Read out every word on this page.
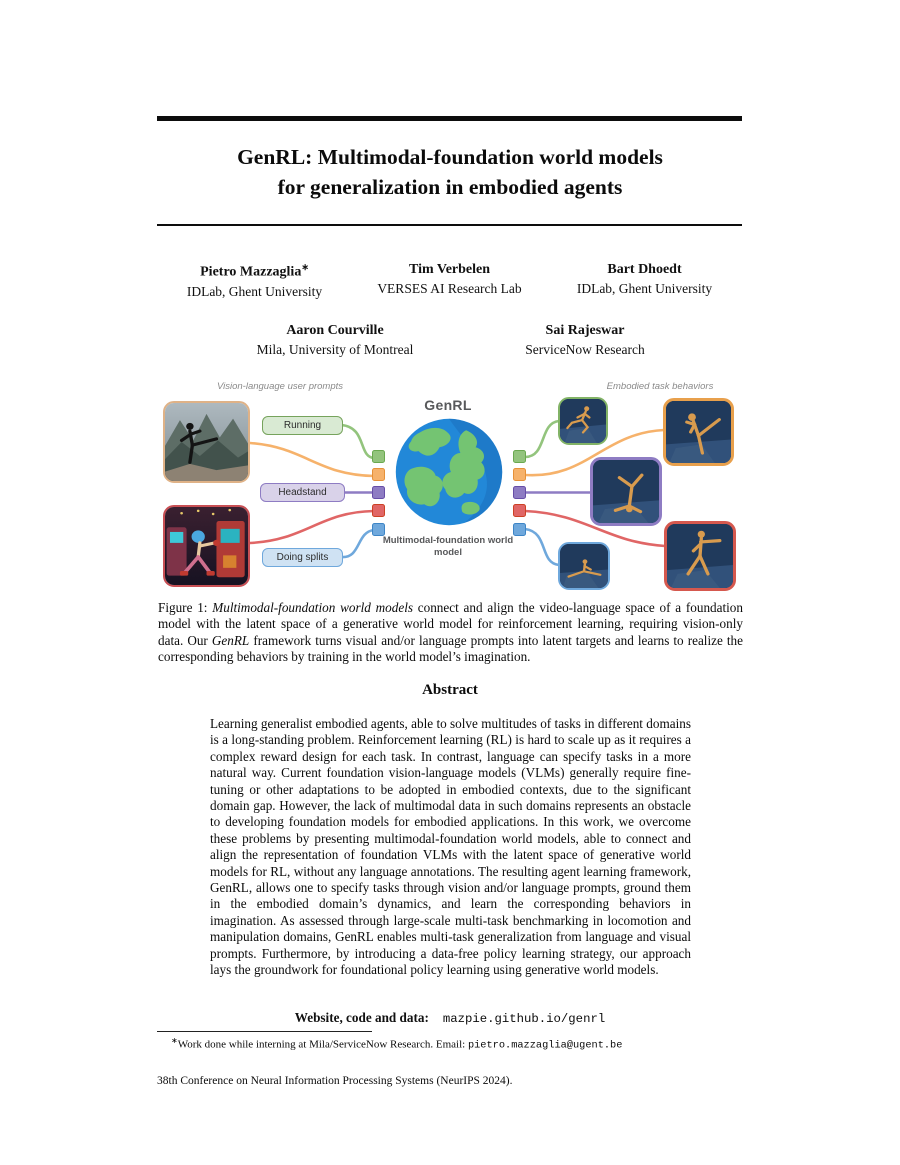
GenRL: Multimodal-foundation world models
for generalization in embodied agents
Pietro Mazzaglia∗
IDLab, Ghent University
Tim Verbelen
VERSES AI Research Lab
Bart Dhoedt
IDLab, Ghent University
Aaron Courville
Mila, University of Montreal
Sai Rajeswar
ServiceNow Research
Vision-language user prompts	Embodied task behaviors
Running
Headstand
Doing splits
GenRL
Multimodal-foundation world model
Figure 1: Multimodal-foundation world models connect and align the video-language space of a foundation model with the latent space of a generative world model for reinforcement learning, requiring vision-only data. Our GenRL framework turns visual and/or language prompts into latent targets and learns to realize the corresponding behaviors by training in the world model’s imagination.
Abstract
Learning generalist embodied agents, able to solve multitudes of tasks in different domains is a long-standing problem. Reinforcement learning (RL) is hard to scale up as it requires a complex reward design for each task. In contrast, language can specify tasks in a more natural way. Current foundation vision-language models (VLMs) generally require fine-tuning or other adaptations to be adopted in embodied contexts, due to the significant domain gap. However, the lack of multimodal data in such domains represents an obstacle to developing foundation models for embodied applications. In this work, we overcome these problems by presenting multimodal-foundation world models, able to connect and align the representation of foundation VLMs with the latent space of generative world models for RL, without any language annotations. The resulting agent learning framework, GenRL, allows one to specify tasks through vision and/or language prompts, ground them in the embodied domain’s dynamics, and learn the corresponding behaviors in imagination. As assessed through large-scale multi-task benchmarking in locomotion and manipulation domains, GenRL enables multi-task generalization from language and visual prompts. Furthermore, by introducing a data-free policy learning strategy, our approach lays the groundwork for foundational policy learning using generative world models.
Website, code and data: mazpie.github.io/genrl
∗Work done while interning at Mila/ServiceNow Research. Email: pietro.mazzaglia@ugent.be
38th Conference on Neural Information Processing Systems (NeurIPS 2024).
